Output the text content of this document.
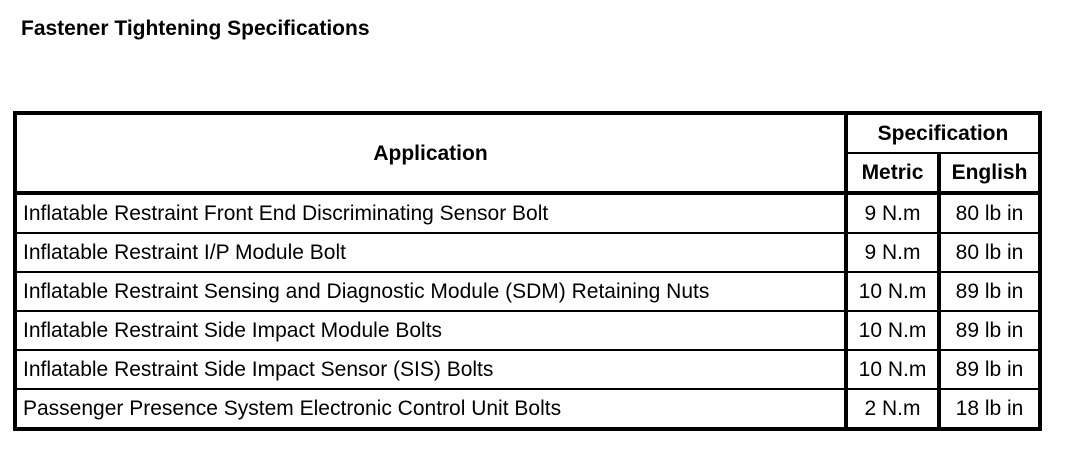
Fastener Tightening Specifications
Application	Specification	
	Metric	English
Inflatable Restraint Front End Discriminating Sensor Bolt	9 N.m	80 lb in
Inflatable Restraint I/P Module Bolt	9 N.m	80 lb in
Inflatable Restraint Sensing and Diagnostic Module (SDM) Retaining Nuts	10 N.m	89 lb in
Inflatable Restraint Side Impact Module Bolts	10 N.m	89 lb in
Inflatable Restraint Side Impact Sensor (SIS) Bolts	10 N.m	89 lb in
Passenger Presence System Electronic Control Unit Bolts	2 N.m	18 lb in
